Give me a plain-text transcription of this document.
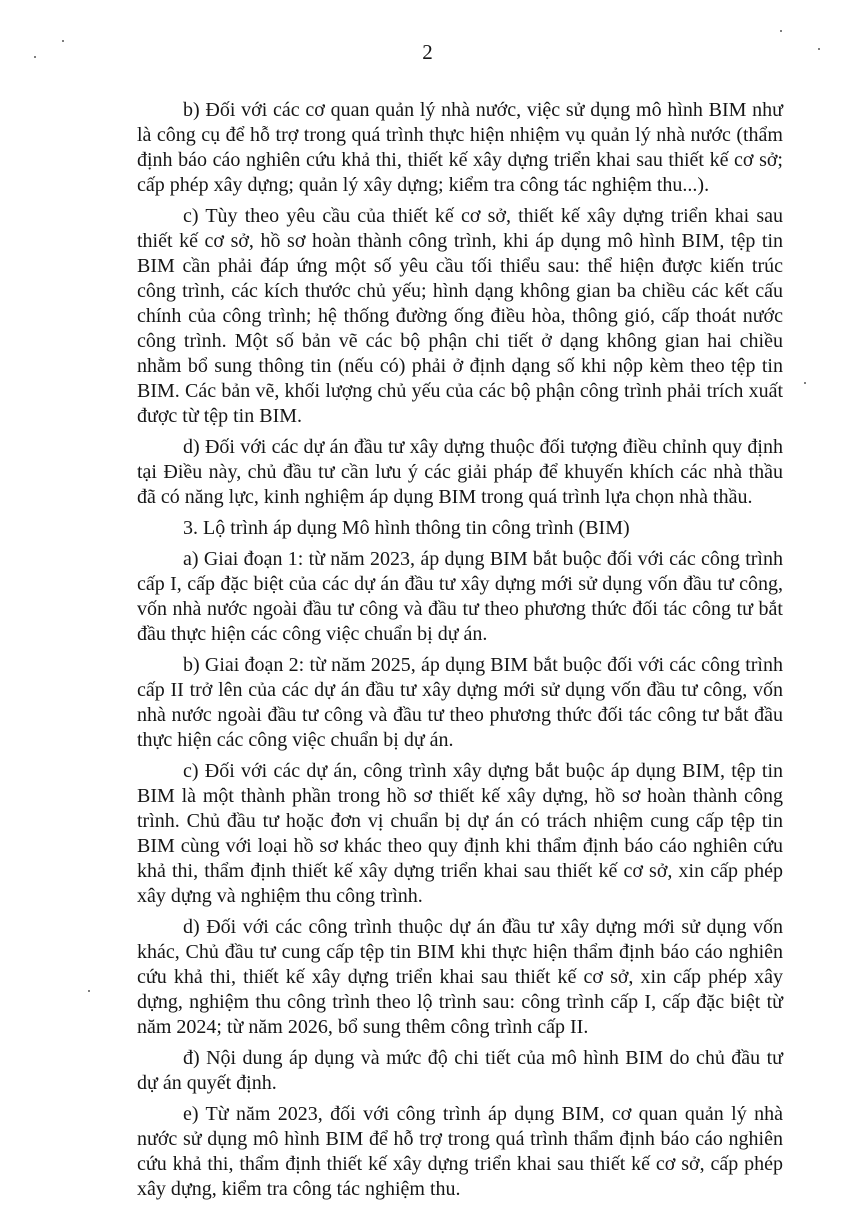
2

b) Đối với các cơ quan quản lý nhà nước, việc sử dụng mô hình BIM như là công cụ để hỗ trợ trong quá trình thực hiện nhiệm vụ quản lý nhà nước (thẩm định báo cáo nghiên cứu khả thi, thiết kế xây dựng triển khai sau thiết kế cơ sở; cấp phép xây dựng; quản lý xây dựng; kiểm tra công tác nghiệm thu...).

c) Tùy theo yêu cầu của thiết kế cơ sở, thiết kế xây dựng triển khai sau thiết kế cơ sở, hồ sơ hoàn thành công trình, khi áp dụng mô hình BIM, tệp tin BIM cần phải đáp ứng một số yêu cầu tối thiểu sau: thể hiện được kiến trúc công trình, các kích thước chủ yếu; hình dạng không gian ba chiều các kết cấu chính của công trình; hệ thống đường ống điều hòa, thông gió, cấp thoát nước công trình. Một số bản vẽ các bộ phận chi tiết ở dạng không gian hai chiều nhằm bổ sung thông tin (nếu có) phải ở định dạng số khi nộp kèm theo tệp tin BIM. Các bản vẽ, khối lượng chủ yếu của các bộ phận công trình phải trích xuất được từ tệp tin BIM.

d) Đối với các dự án đầu tư xây dựng thuộc đối tượng điều chỉnh quy định tại Điều này, chủ đầu tư cần lưu ý các giải pháp để khuyến khích các nhà thầu đã có năng lực, kinh nghiệm áp dụng BIM trong quá trình lựa chọn nhà thầu.

3. Lộ trình áp dụng Mô hình thông tin công trình (BIM)

a) Giai đoạn 1: từ năm 2023, áp dụng BIM bắt buộc đối với các công trình cấp I, cấp đặc biệt của các dự án đầu tư xây dựng mới sử dụng vốn đầu tư công, vốn nhà nước ngoài đầu tư công và đầu tư theo phương thức đối tác công tư bắt đầu thực hiện các công việc chuẩn bị dự án.

b) Giai đoạn 2: từ năm 2025, áp dụng BIM bắt buộc đối với các công trình cấp II trở lên của các dự án đầu tư xây dựng mới sử dụng vốn đầu tư công, vốn nhà nước ngoài đầu tư công và đầu tư theo phương thức đối tác công tư bắt đầu thực hiện các công việc chuẩn bị dự án.

c) Đối với các dự án, công trình xây dựng bắt buộc áp dụng BIM, tệp tin BIM là một thành phần trong hồ sơ thiết kế xây dựng, hồ sơ hoàn thành công trình. Chủ đầu tư hoặc đơn vị chuẩn bị dự án có trách nhiệm cung cấp tệp tin BIM cùng với loại hồ sơ khác theo quy định khi thẩm định báo cáo nghiên cứu khả thi, thẩm định thiết kế xây dựng triển khai sau thiết kế cơ sở, xin cấp phép xây dựng và nghiệm thu công trình.

d) Đối với các công trình thuộc dự án đầu tư xây dựng mới sử dụng vốn khác, Chủ đầu tư cung cấp tệp tin BIM khi thực hiện thẩm định báo cáo nghiên cứu khả thi, thiết kế xây dựng triển khai sau thiết kế cơ sở, xin cấp phép xây dựng, nghiệm thu công trình theo lộ trình sau: công trình cấp I, cấp đặc biệt từ năm 2024; từ năm 2026, bổ sung thêm công trình cấp II.

đ) Nội dung áp dụng và mức độ chi tiết của mô hình BIM do chủ đầu tư dự án quyết định.

e) Từ năm 2023, đối với công trình áp dụng BIM, cơ quan quản lý nhà nước sử dụng mô hình BIM để hỗ trợ trong quá trình thẩm định báo cáo nghiên cứu khả thi, thẩm định thiết kế xây dựng triển khai sau thiết kế cơ sở, cấp phép xây dựng, kiểm tra công tác nghiệm thu.
